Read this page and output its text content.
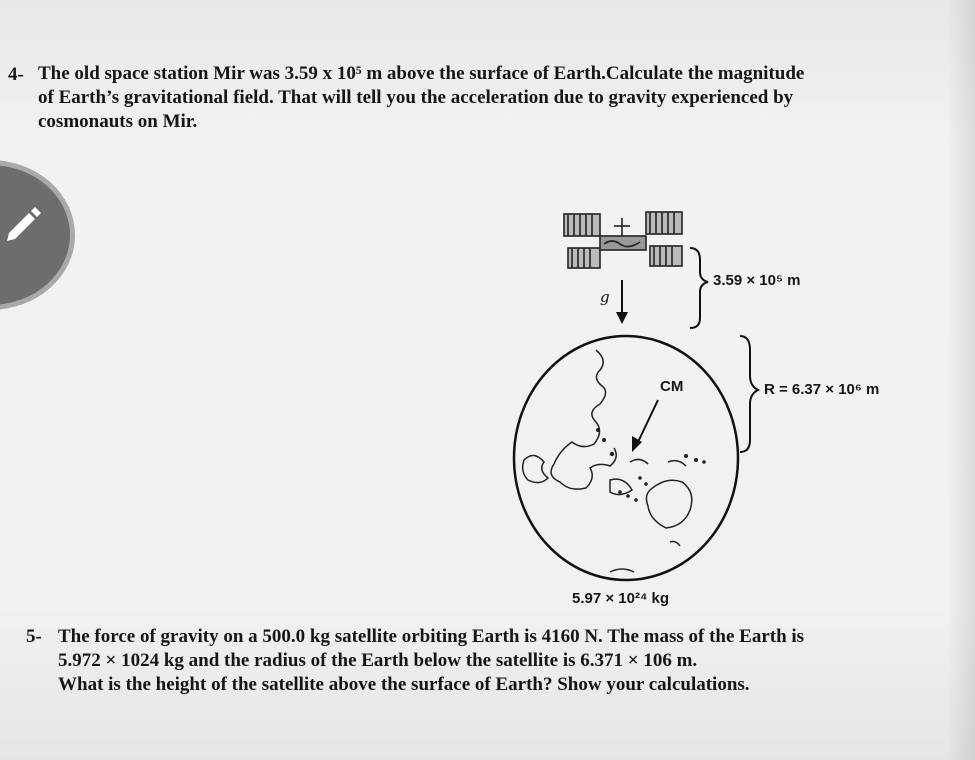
4- The old space station Mir was 3.59 x 10⁵ m above the surface of Earth.Calculate the magnitude
of Earth’s gravitational field. That will tell you the acceleration due to gravity experienced by
cosmonauts on Mir.
g
3.59 × 10⁵ m
CM	R = 6.37 × 10⁶ m
5.97 × 10²⁴ kg
5- The force of gravity on a 500.0 kg satellite orbiting Earth is 4160 N. The mass of the Earth is
5.972 × 1024 kg and the radius of the Earth below the satellite is 6.371 × 106 m.
What is the height of the satellite above the surface of Earth? Show your calculations.
